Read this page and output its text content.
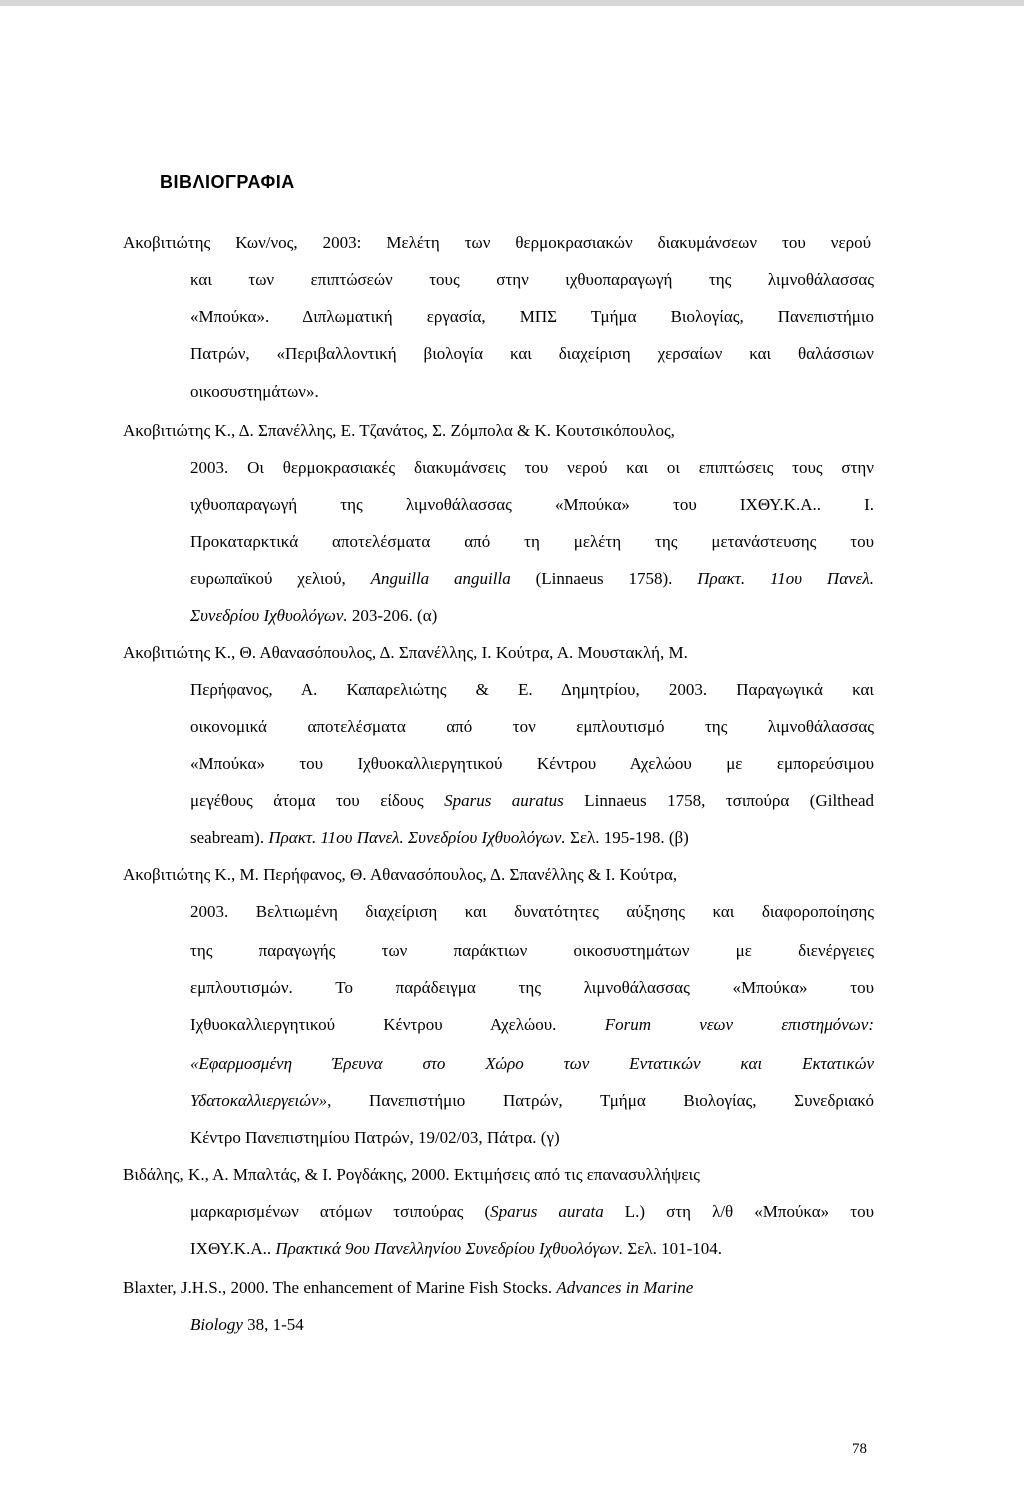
ΒΙΒΛΙΟΓΡΑΦΙΑ
Ακοβιτιώτης Κων/νος, 2003: Μελέτη των θερμοκρασιακών διακυμάνσεων του νερού
και των επιπτώσεών τους στην ιχθυοπαραγωγή της λιμνοθάλασσας
«Μπούκα». Διπλωματική εργασία, ΜΠΣ Τμήμα Βιολογίας, Πανεπιστήμιο
Πατρών, «Περιβαλλοντική βιολογία και διαχείριση χερσαίων και θαλάσσιων
οικοσυστημάτων».
Ακοβιτιώτης Κ., Δ. Σπανέλλης, Ε. Τζανάτος, Σ. Ζόμπολα & Κ. Κουτσικόπουλος,
2003. Οι θερμοκρασιακές διακυμάνσεις του νερού και οι επιπτώσεις τους στην
ιχθυοπαραγωγή της λιμνοθάλασσας «Μπούκα» του ΙΧΘΥ.Κ.Α.. Ι.
Προκαταρκτικά αποτελέσματα από τη μελέτη της μετανάστευσης του
ευρωπαϊκού χελιού, Anguilla anguilla (Linnaeus 1758). Πρακτ. 11ου Πανελ.
Συνεδρίου Ιχθυολόγων. 203-206. (α)
Ακοβιτιώτης Κ., Θ. Αθανασόπουλος, Δ. Σπανέλλης, Ι. Κούτρα, Α. Μουστακλή, Μ.
Περήφανος, Α. Καπαρελιώτης & Ε. Δημητρίου, 2003. Παραγωγικά και
οικονομικά αποτελέσματα από τον εμπλουτισμό της λιμνοθάλασσας
«Μπούκα» του Ιχθυοκαλλιεργητικού Κέντρου Αχελώου με εμπορεύσιμου
μεγέθους άτομα του είδους Sparus auratus Linnaeus 1758, τσιπούρα (Gilthead
seabream). Πρακτ. 11ου Πανελ. Συνεδρίου Ιχθυολόγων. Σελ. 195-198. (β)
Ακοβιτιώτης Κ., Μ. Περήφανος, Θ. Αθανασόπουλος, Δ. Σπανέλλης & Ι. Κούτρα,
2003. Βελτιωμένη διαχείριση και δυνατότητες αύξησης και διαφοροποίησης
της παραγωγής των παράκτιων οικοσυστημάτων με διενέργειες
εμπλουτισμών. Το παράδειγμα της λιμνοθάλασσας «Μπούκα» του
Ιχθυοκαλλιεργητικού Κέντρου Αχελώου. Forum νεων επιστημόνων:
«Εφαρμοσμένη Έρευνα στο Χώρο των Εντατικών και Εκτατικών
Υδατοκαλλιεργειών», Πανεπιστήμιο Πατρών, Τμήμα Βιολογίας, Συνεδριακό
Κέντρο Πανεπιστημίου Πατρών, 19/02/03, Πάτρα. (γ)
Βιδάλης, Κ., Α. Μπαλτάς, & Ι. Ρογδάκης, 2000. Εκτιμήσεις από τις επανασυλλήψεις
μαρκαρισμένων ατόμων τσιπούρας (Sparus aurata L.) στη λ/θ «Μπούκα» του
ΙΧΘΥ.Κ.Α.. Πρακτικά 9ου Πανελληνίου Συνεδρίου Ιχθυολόγων. Σελ. 101-104.
Blaxter, J.H.S., 2000. The enhancement of Marine Fish Stocks. Advances in Marine
Biology 38, 1-54
78
